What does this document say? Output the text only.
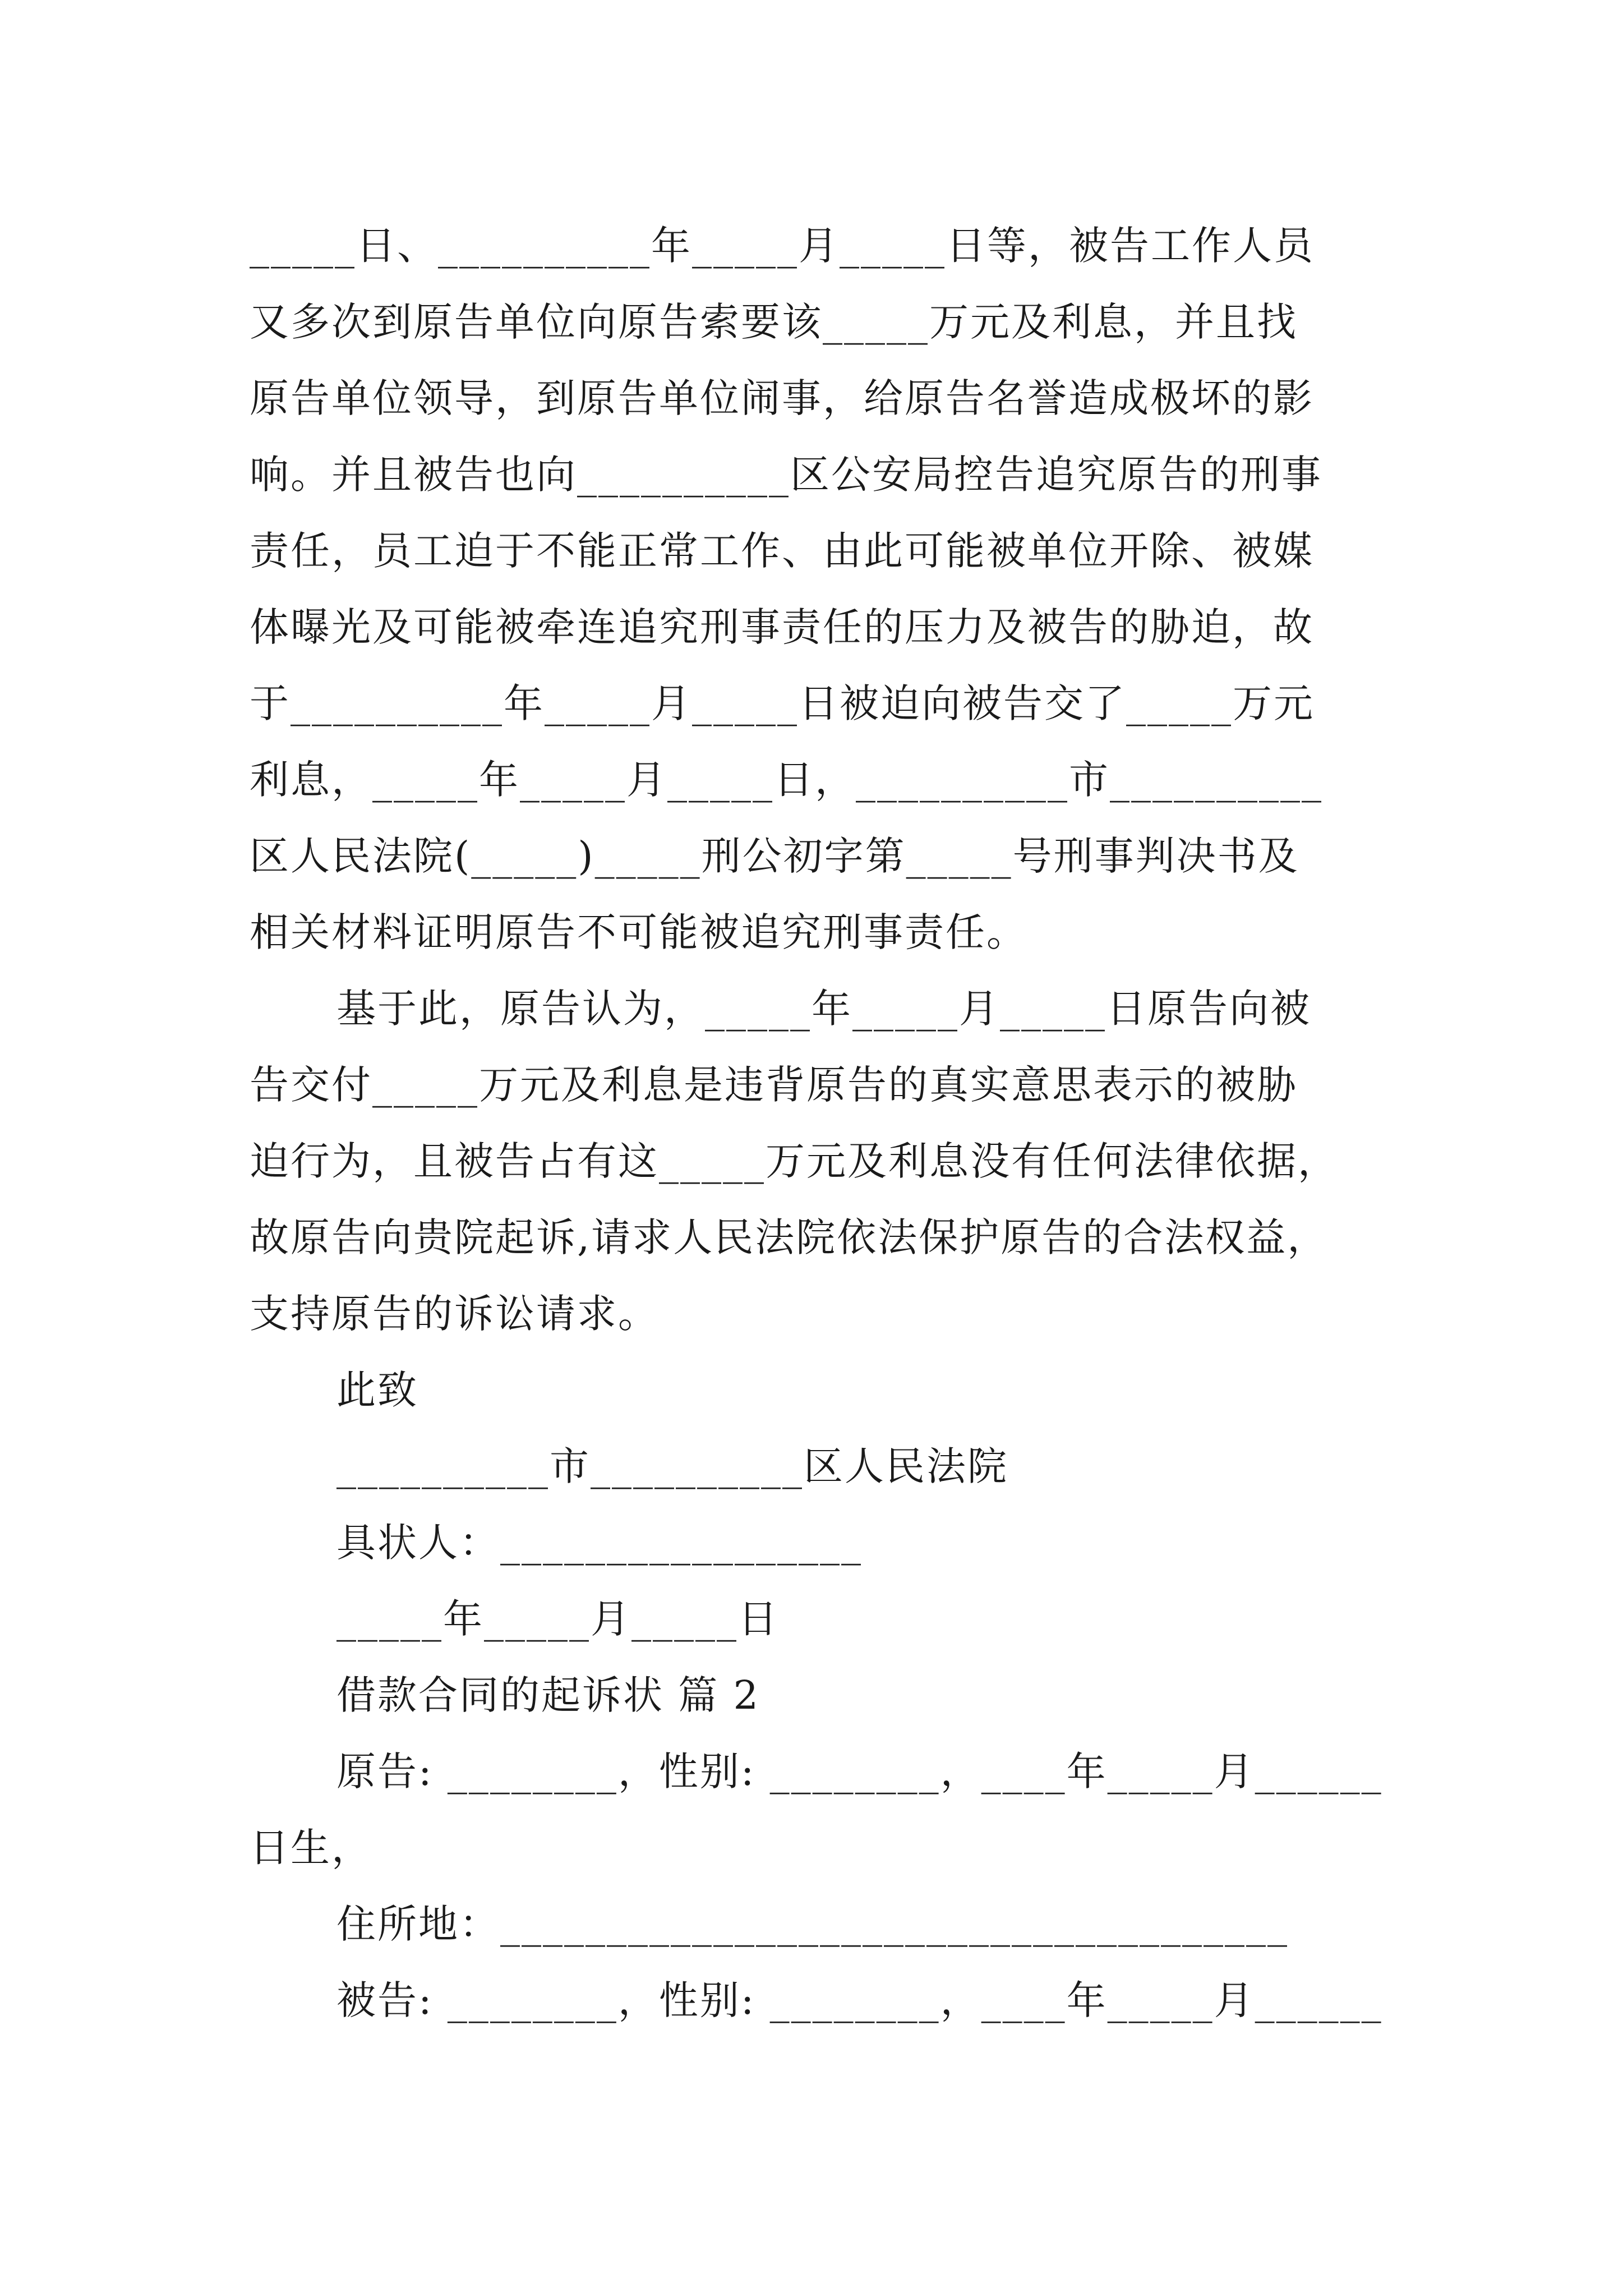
_____日、__________年_____月_____日等，被告工作人员
又多次到原告单位向原告索要该_____万元及利息，并且找
原告单位领导，到原告单位闹事，给原告名誉造成极坏的影
响。并且被告也向__________区公安局控告追究原告的刑事
责任，员工迫于不能正常工作、由此可能被单位开除、被媒
体曝光及可能被牵连追究刑事责任的压力及被告的胁迫，故
于__________年_____月_____日被迫向被告交了_____万元
利息，_____年_____月_____日，__________市__________
区人民法院(_____)_____刑公初字第_____号刑事判决书及
相关材料证明原告不可能被追究刑事责任。
基于此，原告认为，_____年_____月_____日原告向被
告交付_____万元及利息是违背原告的真实意思表示的被胁
迫行为，且被告占有这_____万元及利息没有任何法律依据，
故原告向贵院起诉,请求人民法院依法保护原告的合法权益，
支持原告的诉讼请求。
此致
__________市__________区人民法院
具状人：_________________
_____年_____月_____日
借款合同的起诉状 篇 2
原告: ________，性别: ________，____年_____月______
日生，
住所地：_____________________________________
被告: ________，性别: ________，____年_____月______
